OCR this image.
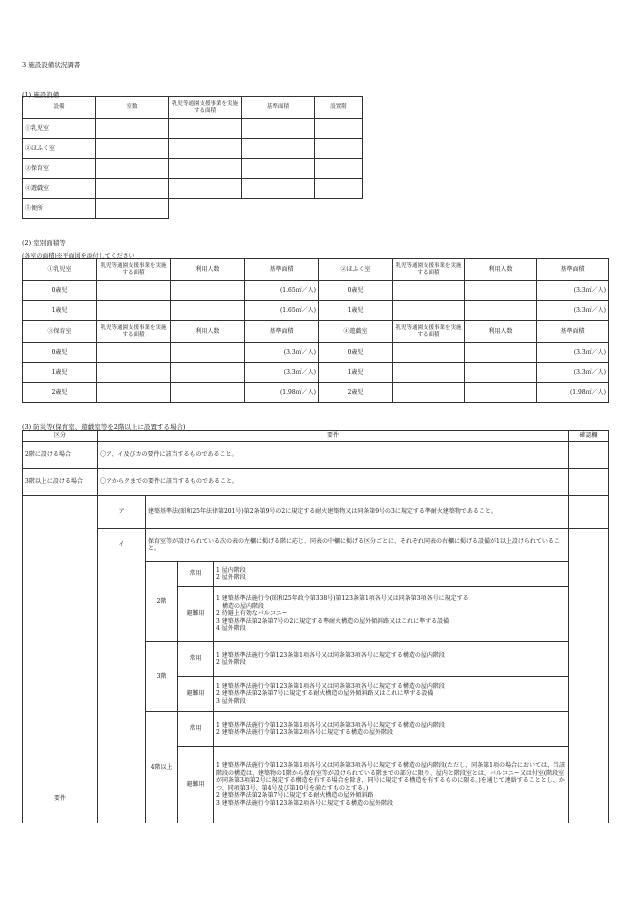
3 施設設備状況調書
(1) 施設設備
設備	室数	乳児等通園支援事業を実施する面積	基準面積	設置階
①乳児室				
②ほふく室				
③保育室				
④遊戯室				
⑤便所				
(2) 室別面積等
(各室の面積)※平面図を添付してください
①乳児室	乳児等通園支援事業を実施する面積	利用人数	基準面積	②ほふく室	乳児等通園支援事業を実施する面積	利用人数	基準面積
0歳児			(1.65㎡／人)	0歳児			(3.3㎡／人)
1歳児			(1.65㎡／人)	1歳児			(3.3㎡／人)
③保育室	乳児等通園支援事業を実施する面積	利用人数	基準面積	④遊戯室	乳児等通園支援事業を実施する面積	利用人数	基準面積
0歳児			(3.3㎡／人)	0歳児			(3.3㎡／人)
1歳児			(3.3㎡／人)	1歳児			(3.3㎡／人)
2歳児			(1.98㎡／人)	2歳児			(1.98㎡／人)
(3) 防災等(保育室、遊戯室等を2階以上に設置する場合)
区分	要件				確認欄
2階に設ける場合	〇ア、イ及びカの要件に該当するものであること。				
3階以上に設ける場合	〇アからクまでの要件に該当するものであること。				
要件	ア	建築基準法(昭和25年法律第201号)第2条第9号の2に規定する耐火建築物又は同条第9号の3に規定する準耐火建築物であること。			
	イ	保育室等が設けられている次の表の左欄に掲げる階に応じ、同表の中欄に掲げる区分ごとに、それぞれ同表の右欄に掲げる設備が1以上設けられていること。			
		2階	常用	1 屋内階段
2 屋外階段	
			避難用	1 建築基準法施行令(昭和25年政令第338号)第123条第1項各号又は同条第3項各号に規定する
　構造の屋内階段
2 待避上有効なバルコニー
3 建築基準法第2条第7号の2に規定する準耐火構造の屋外傾斜路又はこれに準ずる設備
4 屋外階段	
		3階	常用	1 建築基準法施行令第123条第1項各号又は同条第3項各号に規定する構造の屋内階段
2 屋外階段	
			避難用	1 建築基準法施行令第123条第1項各号又は同条第3項各号に規定する構造の屋内階段
2 建築基準法第2条第7号に規定する耐火構造の屋外傾斜路又はこれに準ずる設備
3 屋外階段	
		4階以上	常用	1 建築基準法施行令第123条第1項各号又は同条第3項各号に規定する構造の屋内階段
2 建築基準法施行令第123条第2項各号に規定する構造の屋外階段	
			避難用	1 建築基準法施行令第123条第1項各号又は同条第3項各号に規定する構造の屋内階段(ただし、同条第1項の場合においては、当該階段の構造は、建築物の1階から保育室等が設けられている階までの部分に限り、屋内と階段室とは、バルコニー又は付室(階段室が同条第3項第2号に規定する構造を有する場合を除き、同号に規定する構造を有するものに限る。)を通じて連絡することとし、かつ、同項第3号、第4号及び第10号を満たすものとする。)
2 建築基準法第2条第7号に規定する耐火構造の屋外傾斜路
3 建築基準法施行令第123条第2項各号に規定する構造の屋外階段	
